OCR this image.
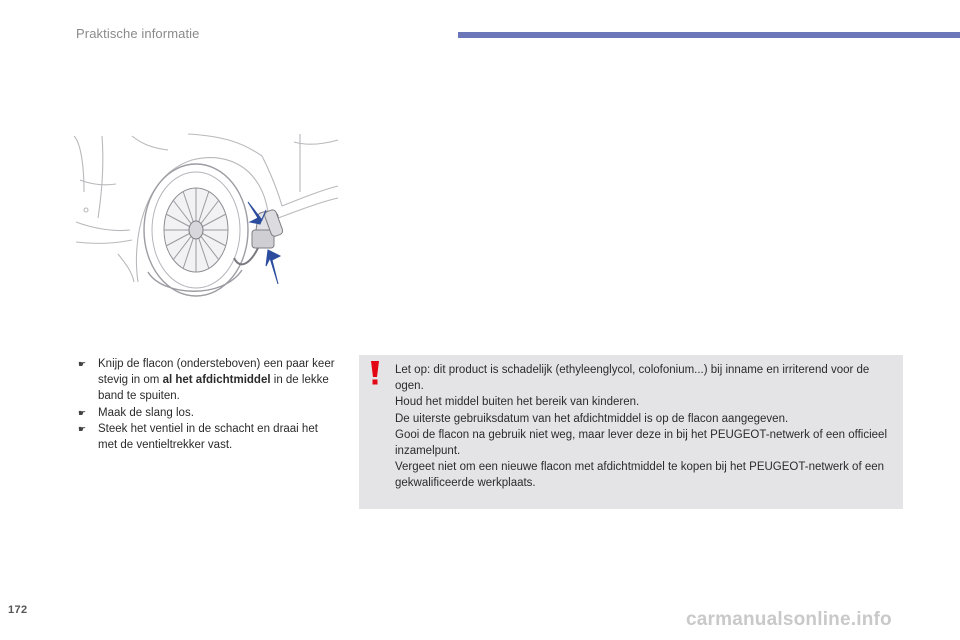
Praktische informatie

☛ Knijp de flacon (ondersteboven) een paar keer stevig in om al het afdichtmiddel in de lekke band te spuiten.

☛ Maak de slang los.

☛ Steek het ventiel in de schacht en draai het met de ventieltrekker vast.

Let op: dit product is schadelijk (ethyleenglycol, colofonium...) bij inname en irriterend voor de ogen.

Houd het middel buiten het bereik van kinderen.

De uiterste gebruiksdatum van het afdichtmiddel is op de flacon aangegeven.

Gooi de flacon na gebruik niet weg, maar lever deze in bij het PEUGEOT-netwerk of een officieel inzamelpunt.

Vergeet niet om een nieuwe flacon met afdichtmiddel te kopen bij het PEUGEOT-netwerk of een gekwalificeerde werkplaats.

172	carmanualsonline.info
